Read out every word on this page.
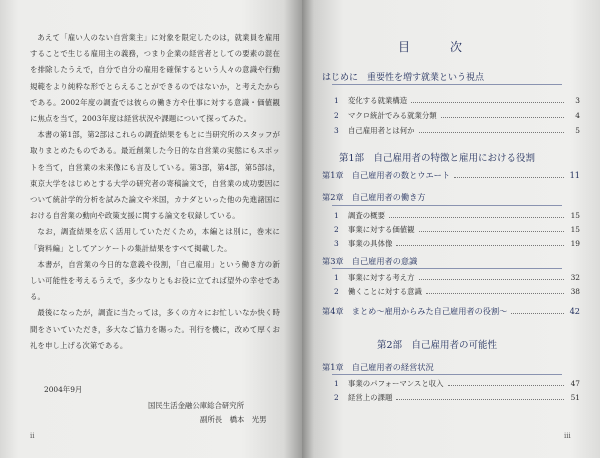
あえて「雇い人のない自営業主」に対象を限定したのは，就業員を雇用することで生じる雇用主の義務，つまり企業の経営者としての要素の混在を排除したうえで，自分で自分の雇用を確保するという人々の意識や行動規範をより純粋な形でとらえることができるのではないか，と考えたからである。2002年度の調査では彼らの働き方や仕事に対する意識・価値観に焦点を当て，2003年度は経営状況や課題について探ってみた。

本書の第1部，第2部はこれらの調査結果をもとに当研究所のスタッフが取りまとめたものである。最近創業した今日的な自営業の実態にもスポットを当て，自営業の未来像にも言及している。第3部，第4部，第5部は，東京大学をはじめとする大学の研究者の寄稿論文で，自営業の成功要因について統計学的分析を試みた論文や米国，カナダといった他の先進諸国における自営業の動向や政策支援に関する論文を収録している。

なお，調査結果を広く活用していただくため，本編とは別に，巻末に「資料編」としてアンケートの集計結果をすべて掲載した。

本書が，自営業の今日的な意義や役割，「自己雇用」という働き方の新しい可能性を考えるうえで，多少なりともお役に立てれば望外の幸せである。

最後になったが，調査に当たっては，多くの方々にお忙しいなか快く時間をさいていただき，多大なご協力を賜った。刊行を機に，改めて厚くお礼を申し上げる次第である。

2004年9月
国民生活金融公庫総合研究所
副所長　橋本　光男
ii	iii
目　次
はじめに　重要性を増す就業という視点
1 変化する就業構造	3
2 マクロ統計でみる就業分類	4
3 自己雇用者とは何か	5
第1部　自己雇用者の特徴と雇用における役割
第1章　自己雇用者の数とウエート	11
第2章　自己雇用者の働き方
1 調査の概要	15
2 事業に対する価値観	15
3 事業の具体像	19
第3章　自己雇用者の意識
1 事業に対する考え方	32
2 働くことに対する意識	38
第4章　まとめ～雇用からみた自己雇用者の役割～	42
第2部　自己雇用者の可能性
第1章　自己雇用者の経営状況
1 事業のパフォーマンスと収入	47
2 経営上の課題	51
